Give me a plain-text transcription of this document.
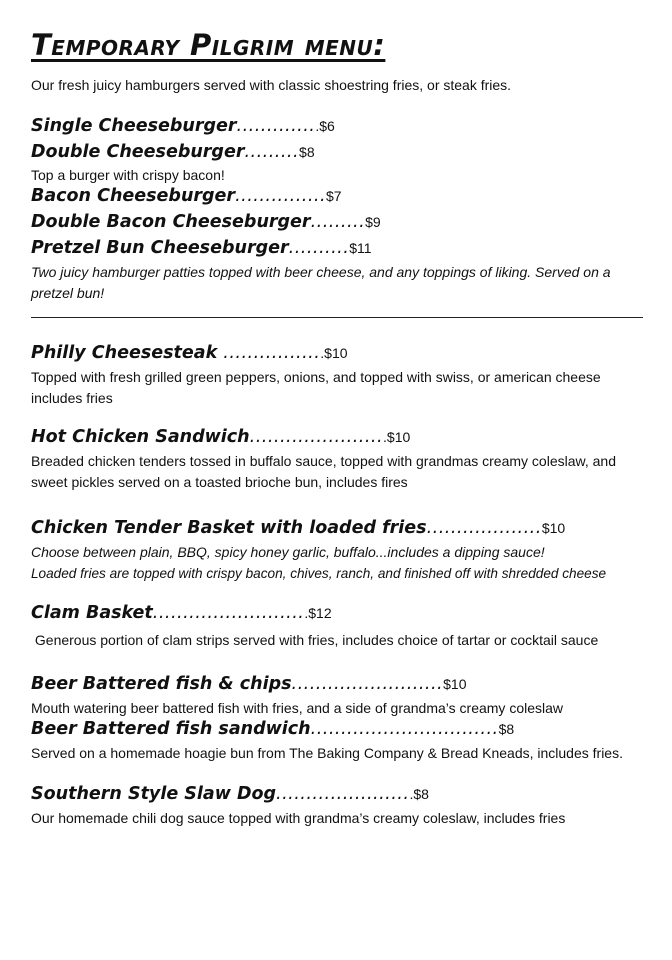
Temporary Pilgrim menu:
Our fresh juicy hamburgers served with classic shoestring fries, or steak fries.
Single Cheeseburger..............$6
Double Cheeseburger.........$8
Top a burger with crispy bacon!
Bacon Cheeseburger...............$7
Double Bacon Cheeseburger.........$9
Pretzel Bun Cheeseburger..........$11
Two juicy hamburger patties topped with beer cheese, and any toppings of liking. Served on a pretzel bun!
Philly Cheesesteak .................$10
Topped with fresh grilled green peppers, onions, and topped with swiss, or american cheese includes fries
Hot Chicken Sandwich.......................$10
Breaded chicken tenders tossed in buffalo sauce, topped with grandmas creamy coleslaw, and sweet pickles served on a toasted brioche bun, includes fires
Chicken Tender Basket with loaded fries...................$10
Choose between plain, BBQ, spicy honey garlic, buffalo...includes a dipping sauce!
Loaded fries are topped with crispy bacon, chives, ranch, and finished off with shredded cheese
Clam Basket..........................$12
Generous portion of clam strips served with fries, includes choice of tartar or cocktail sauce
Beer Battered fish & chips.........................$10
Mouth watering beer battered fish with fries, and a side of grandma’s creamy coleslaw
Beer Battered fish sandwich...............................$8
Served on a homemade hoagie bun from The Baking Company & Bread Kneads, includes fries.
Southern Style Slaw Dog.......................$8
Our homemade chili dog sauce topped with grandma’s creamy coleslaw, includes fries
